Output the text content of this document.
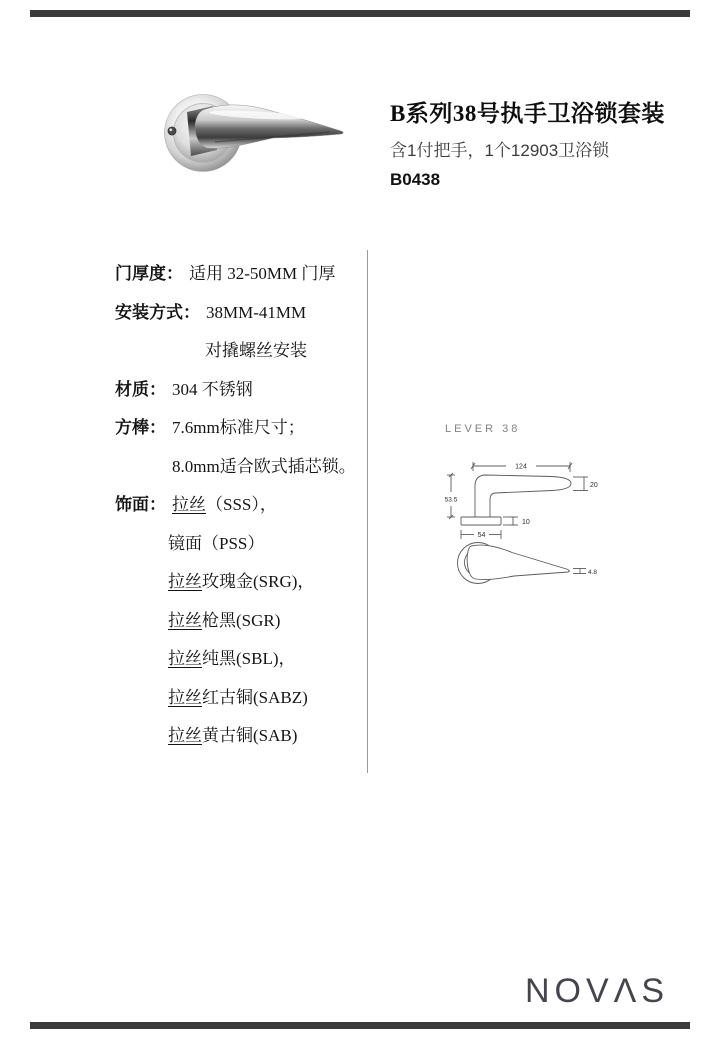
B系列38号执手卫浴锁套装
含1付把手，1个12903卫浴锁
B0438
门厚度： 适用 32-50MM 门厚
安装方式： 38MM-41MM
对撬螺丝安装
材质： 304 不锈钢
方棒： 7.6mm标准尺寸；
8.0mm适合欧式插芯锁。
饰面： 拉丝（SSS），
镜面（PSS）
拉丝玫瑰金(SRG)，
拉丝枪黑(SGR)
拉丝纯黑(SBL)，
拉丝红古铜(SABZ)
拉丝黄古铜(SAB)
LEVER 38
124
20
53.5
10
54
4.8
NOVΛS
